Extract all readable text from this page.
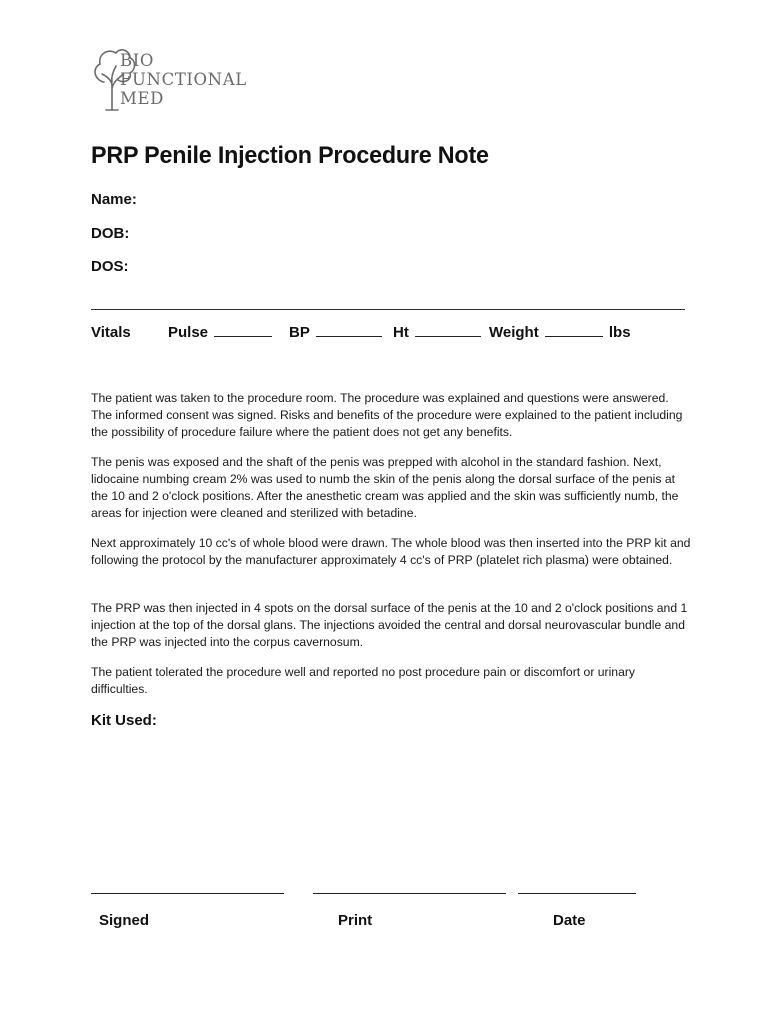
BIO
FUNCTIONAL
MED
PRP Penile Injection Procedure Note
Name:
DOB:
DOS:
Vitals Pulse	BP	Ht	Weight	lbs
The patient was taken to the procedure room. The procedure was explained and questions were answered. The informed consent was signed. Risks and benefits of the procedure were explained to the patient including the possibility of procedure failure where the patient does not get any benefits.
The penis was exposed and the shaft of the penis was prepped with alcohol in the standard fashion. Next, lidocaine numbing cream 2% was used to numb the skin of the penis along the dorsal surface of the penis at the 10 and 2 o'clock positions. After the anesthetic cream was applied and the skin was sufficiently numb, the areas for injection were cleaned and sterilized with betadine.
Next approximately 10 cc's of whole blood were drawn. The whole blood was then inserted into the PRP kit and following the protocol by the manufacturer approximately 4 cc's of PRP (platelet rich plasma) were obtained.
The PRP was then injected in 4 spots on the dorsal surface of the penis at the 10 and 2 o'clock positions and 1 injection at the top of the dorsal glans. The injections avoided the central and dorsal neurovascular bundle and the PRP was injected into the corpus cavernosum.
The patient tolerated the procedure well and reported no post procedure pain or discomfort or urinary difficulties.
Kit Used:
Signed	Print	Date
